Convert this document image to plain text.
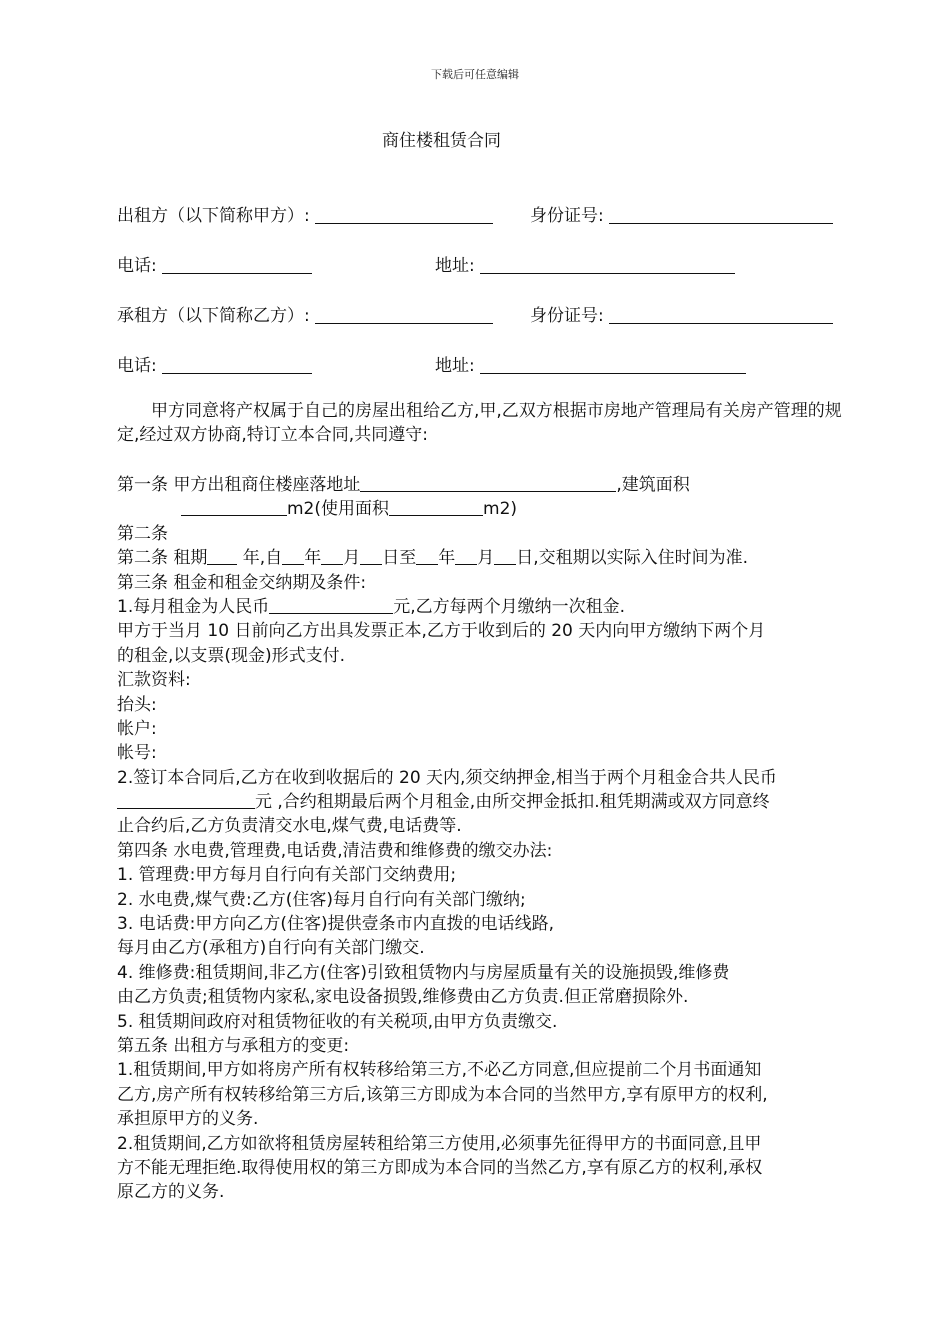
下载后可任意编辑
商住楼租赁合同
出租方（以下简称甲方）:	身份证号:
电话:	地址:
承租方（以下简称乙方）:	身份证号:
电话:	地址:
甲方同意将产权属于自己的房屋出租给乙方,甲,乙双方根据市房地产管理局有关房产管理的规定,经过双方协商,特订立本合同,共同遵守:
第一条 甲方出租商住楼座落地址	,建筑面积
m2(使用面积	m2)
第二条
第二条 租期 年,自 年 月 日至 年 月 日,交租期以实际入住时间为准.
第三条 租金和租金交纳期及条件:
1.每月租金为人民币	元,乙方每两个月缴纳一次租金.
甲方于当月 10 日前向乙方出具发票正本,乙方于收到后的 20 天内向甲方缴纳下两个月
的租金,以支票(现金)形式支付.
汇款资料:
抬头:
帐户:
帐号:
2.签订本合同后,乙方在收到收据后的 20 天内,须交纳押金,相当于两个月租金合共人民币
元 ,合约租期最后两个月租金,由所交押金抵扣.租凭期满或双方同意终
止合约后,乙方负责清交水电,煤气费,电话费等.
第四条 水电费,管理费,电话费,清洁费和维修费的缴交办法:
1. 管理费:甲方每月自行向有关部门交纳费用;
2. 水电费,煤气费:乙方(住客)每月自行向有关部门缴纳;
3. 电话费:甲方向乙方(住客)提供壹条市内直拨的电话线路,
每月由乙方(承租方)自行向有关部门缴交.
4. 维修费:租赁期间,非乙方(住客)引致租赁物内与房屋质量有关的设施损毁,维修费
由乙方负责;租赁物内家私,家电设备损毁,维修费由乙方负责.但正常磨损除外.
5. 租赁期间政府对租赁物征收的有关税项,由甲方负责缴交.
第五条 出租方与承租方的变更:
1.租赁期间,甲方如将房产所有权转移给第三方,不必乙方同意,但应提前二个月书面通知
乙方,房产所有权转移给第三方后,该第三方即成为本合同的当然甲方,享有原甲方的权利,
承担原甲方的义务.
2.租赁期间,乙方如欲将租赁房屋转租给第三方使用,必须事先征得甲方的书面同意,且甲
方不能无理拒绝.取得使用权的第三方即成为本合同的当然乙方,享有原乙方的权利,承权
原乙方的义务.
